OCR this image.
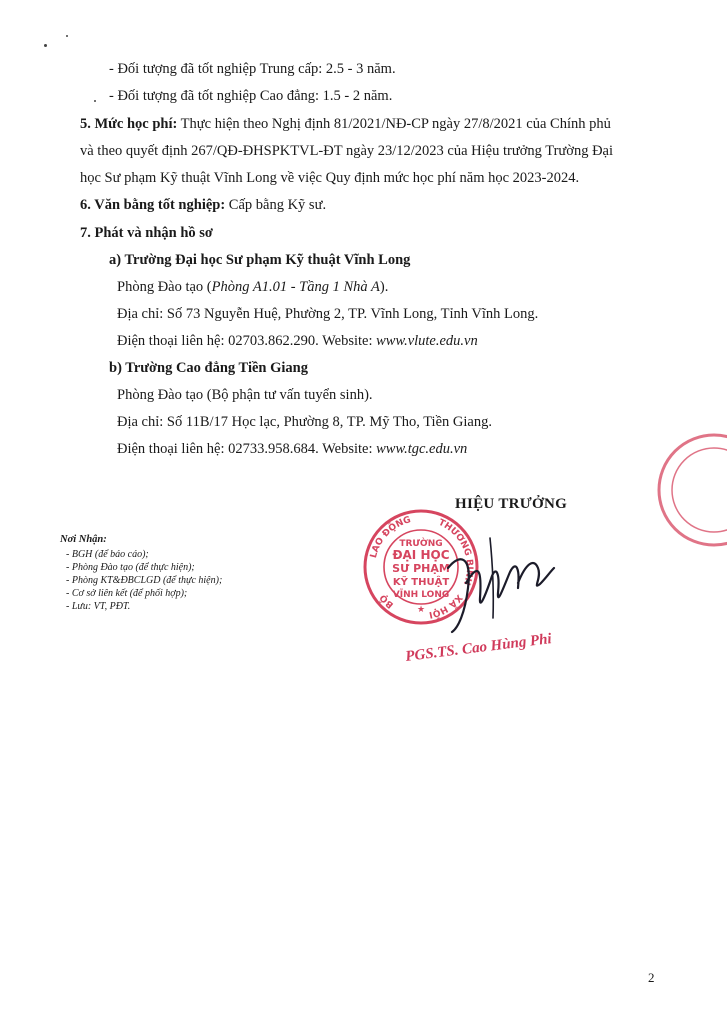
- Đối tượng đã tốt nghiệp Trung cấp: 2.5 - 3 năm.
- Đối tượng đã tốt nghiệp Cao đẳng: 1.5 - 2 năm.
5. Mức học phí: Thực hiện theo Nghị định 81/2021/NĐ-CP ngày 27/8/2021 của Chính phủ
và theo quyết định 267/QĐ-ĐHSPKTVL-ĐT ngày 23/12/2023 của Hiệu trưởng Trường Đại
học Sư phạm Kỹ thuật Vĩnh Long về việc Quy định mức học phí năm học 2023-2024.
6. Văn bằng tốt nghiệp: Cấp bằng Kỹ sư.
7. Phát và nhận hồ sơ
a) Trường Đại học Sư phạm Kỹ thuật Vĩnh Long
Phòng Đào tạo (Phòng A1.01 - Tầng 1 Nhà A).
Địa chỉ: Số 73 Nguyễn Huệ, Phường 2, TP. Vĩnh Long, Tỉnh Vĩnh Long.
Điện thoại liên hệ: 02703.862.290. Website: www.vlute.edu.vn
b) Trường Cao đẳng Tiền Giang
Phòng Đào tạo (Bộ phận tư vấn tuyển sinh).
Địa chỉ: Số 11B/17 Học lạc, Phường 8, TP. Mỹ Tho, Tiền Giang.
Điện thoại liên hệ: 02733.958.684. Website: www.tgc.edu.vn
Nơi Nhận:
- BGH (để báo cáo);
- Phòng Đào tạo (để thực hiện);
- Phòng KT&ĐBCLGD (để thực hiện);
- Cơ sở liên kết (để phối hợp);
- Lưu: VT, PĐT.
HIỆU TRƯỞNG
LAO ĐỘNG	THƯƠNG BINH
XÃ HỘI
BỘ
TRƯỜNG
ĐẠI HỌC
SƯ PHẠM
KỸ THUẬT
VĨNH LONG
★
PGS.TS. Cao Hùng Phi
2
